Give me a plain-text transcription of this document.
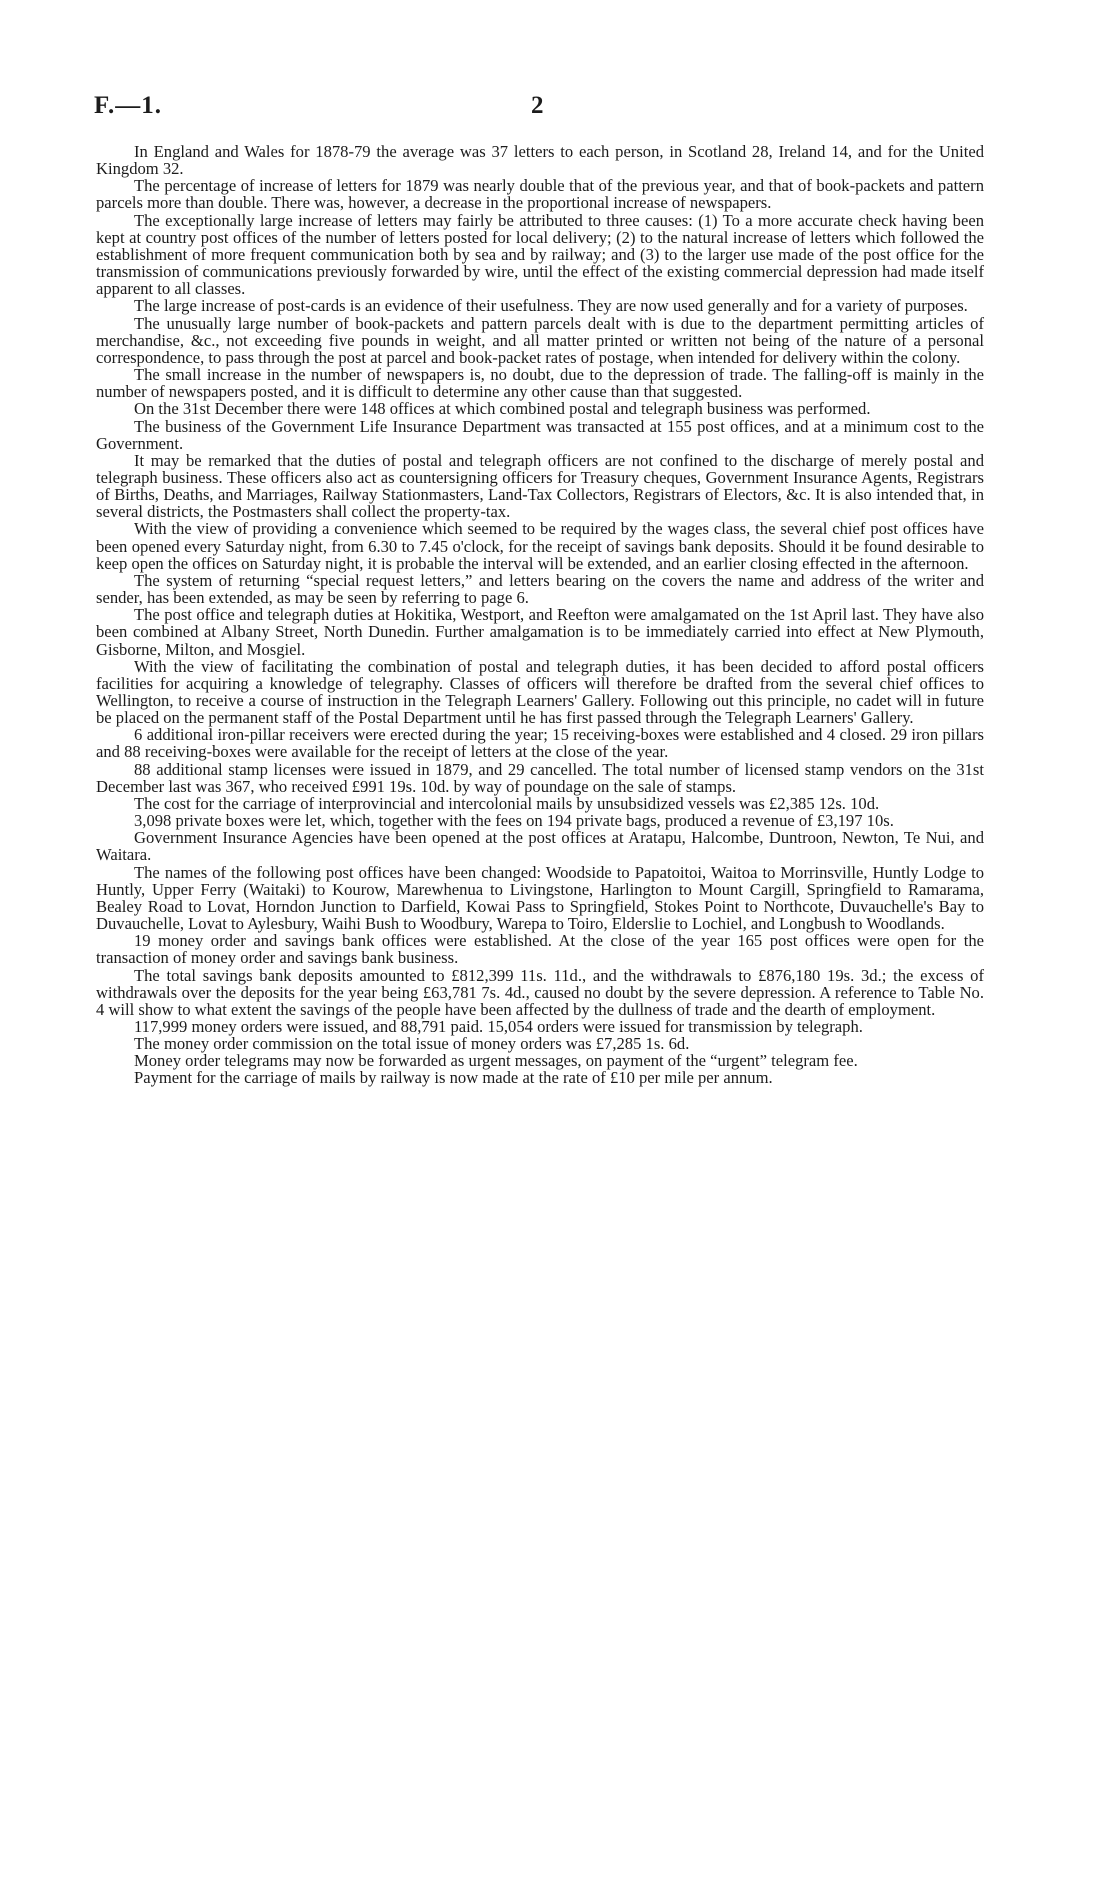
F.—1.	2

In England and Wales for 1878-79 the average was 37 letters to each person, in Scotland 28, Ireland 14, and for the United Kingdom 32.

The percentage of increase of letters for 1879 was nearly double that of the previous year, and that of book-packets and pattern parcels more than double. There was, however, a decrease in the proportional increase of newspapers.

The exceptionally large increase of letters may fairly be attributed to three causes: (1) To a more accurate check having been kept at country post offices of the number of letters posted for local delivery; (2) to the natural increase of letters which followed the establishment of more frequent communication both by sea and by railway; and (3) to the larger use made of the post office for the transmission of communications previously forwarded by wire, until the effect of the existing commercial depression had made itself apparent to all classes.

The large increase of post-cards is an evidence of their usefulness. They are now used generally and for a variety of purposes.

The unusually large number of book-packets and pattern parcels dealt with is due to the department permitting articles of merchandise, &c., not exceeding five pounds in weight, and all matter printed or written not being of the nature of a personal correspondence, to pass through the post at parcel and book-packet rates of postage, when intended for delivery within the colony.

The small increase in the number of newspapers is, no doubt, due to the depression of trade. The falling-off is mainly in the number of newspapers posted, and it is difficult to determine any other cause than that suggested.

On the 31st December there were 148 offices at which combined postal and telegraph business was performed.

The business of the Government Life Insurance Department was transacted at 155 post offices, and at a minimum cost to the Government.

It may be remarked that the duties of postal and telegraph officers are not confined to the discharge of merely postal and telegraph business. These officers also act as countersigning officers for Treasury cheques, Government Insurance Agents, Registrars of Births, Deaths, and Marriages, Railway Stationmasters, Land-Tax Collectors, Registrars of Electors, &c. It is also intended that, in several districts, the Postmasters shall collect the property-tax.

With the view of providing a convenience which seemed to be required by the wages class, the several chief post offices have been opened every Saturday night, from 6.30 to 7.45 o'clock, for the receipt of savings bank deposits. Should it be found desirable to keep open the offices on Saturday night, it is probable the interval will be extended, and an earlier closing effected in the afternoon.

The system of returning “special request letters,” and letters bearing on the covers the name and address of the writer and sender, has been extended, as may be seen by referring to page 6.

The post office and telegraph duties at Hokitika, Westport, and Reefton were amalgamated on the 1st April last. They have also been combined at Albany Street, North Dunedin. Further amalgamation is to be immediately carried into effect at New Plymouth, Gisborne, Milton, and Mosgiel.

With the view of facilitating the combination of postal and telegraph duties, it has been decided to afford postal officers facilities for acquiring a knowledge of telegraphy. Classes of officers will therefore be drafted from the several chief offices to Wellington, to receive a course of instruction in the Telegraph Learners' Gallery. Following out this principle, no cadet will in future be placed on the permanent staff of the Postal Department until he has first passed through the Telegraph Learners' Gallery.

6 additional iron-pillar receivers were erected during the year; 15 receiving-boxes were established and 4 closed. 29 iron pillars and 88 receiving-boxes were available for the receipt of letters at the close of the year.

88 additional stamp licenses were issued in 1879, and 29 cancelled. The total number of licensed stamp vendors on the 31st December last was 367, who received £991 19s. 10d. by way of poundage on the sale of stamps.

The cost for the carriage of interprovincial and intercolonial mails by unsubsidized vessels was £2,385 12s. 10d.

3,098 private boxes were let, which, together with the fees on 194 private bags, produced a revenue of £3,197 10s.

Government Insurance Agencies have been opened at the post offices at Aratapu, Halcombe, Duntroon, Newton, Te Nui, and Waitara.

The names of the following post offices have been changed: Woodside to Papatoitoi, Waitoa to Morrinsville, Huntly Lodge to Huntly, Upper Ferry (Waitaki) to Kourow, Marewhenua to Livingstone, Harlington to Mount Cargill, Springfield to Ramarama, Bealey Road to Lovat, Horndon Junction to Darfield, Kowai Pass to Springfield, Stokes Point to Northcote, Duvauchelle's Bay to Duvauchelle, Lovat to Aylesbury, Waihi Bush to Woodbury, Warepa to Toiro, Elderslie to Lochiel, and Longbush to Woodlands.

19 money order and savings bank offices were established. At the close of the year 165 post offices were open for the transaction of money order and savings bank business.

The total savings bank deposits amounted to £812,399 11s. 11d., and the withdrawals to £876,180 19s. 3d.; the excess of withdrawals over the deposits for the year being £63,781 7s. 4d., caused no doubt by the severe depression. A reference to Table No. 4 will show to what extent the savings of the people have been affected by the dullness of trade and the dearth of employment.

117,999 money orders were issued, and 88,791 paid. 15,054 orders were issued for transmission by telegraph.

The money order commission on the total issue of money orders was £7,285 1s. 6d.

Money order telegrams may now be forwarded as urgent messages, on payment of the “urgent” telegram fee.

Payment for the carriage of mails by railway is now made at the rate of £10 per mile per annum.
